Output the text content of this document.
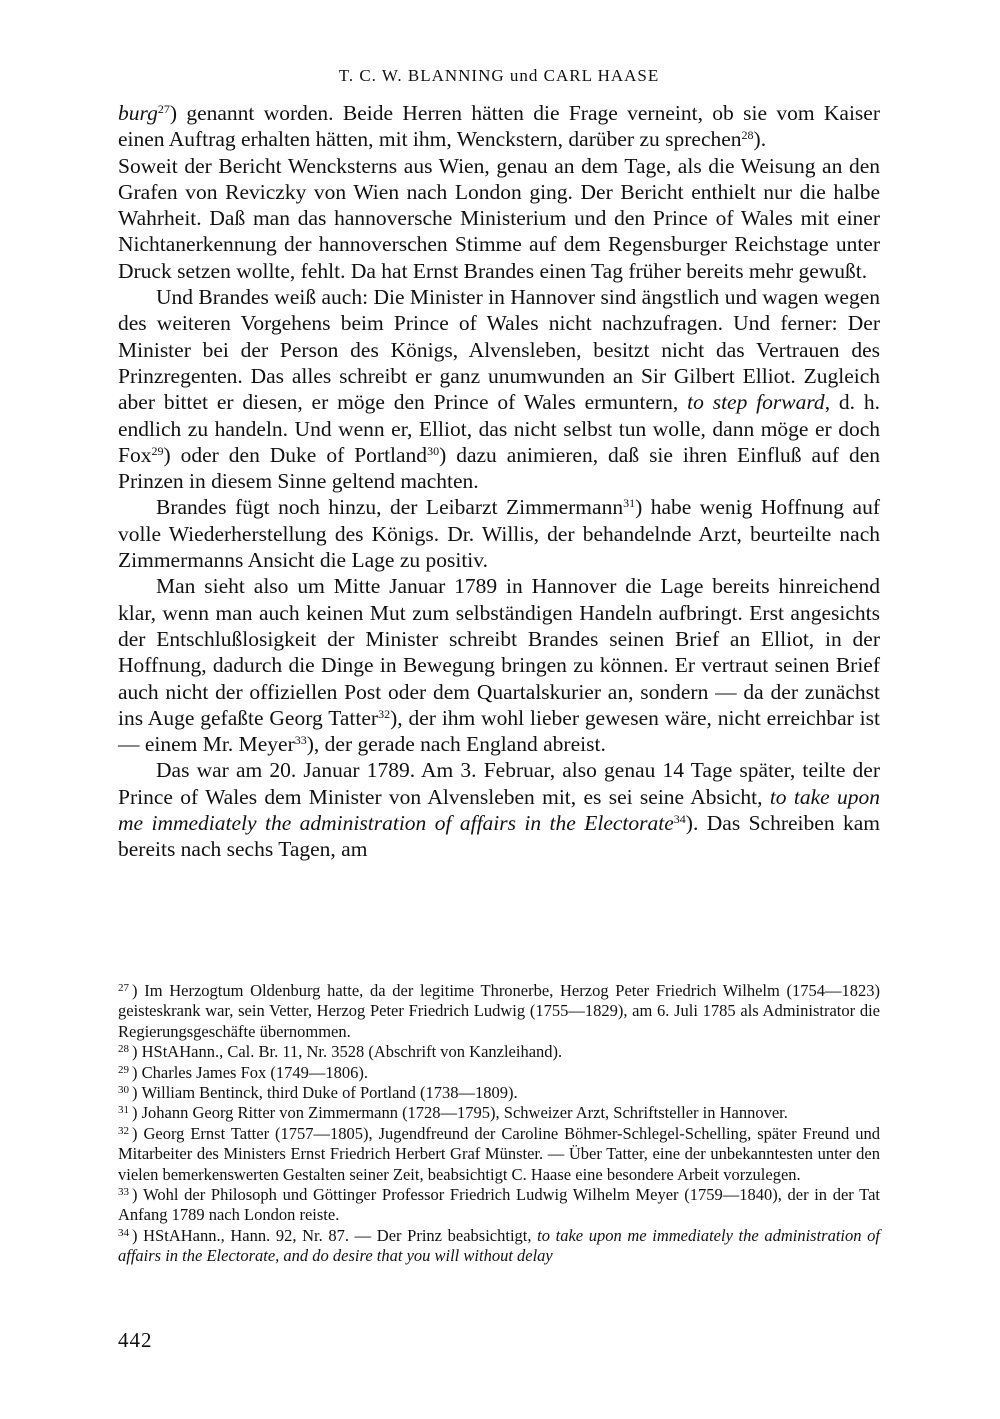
T. C. W. BLANNING und CARL HAASE

burg$^{27}$) genannt worden. Beide Herren hätten die Frage verneint, ob sie vom Kaiser einen Auftrag erhalten hätten, mit ihm, Wenckstern, darüber zu sprechen$^{28}$).

Soweit der Bericht Wencksterns aus Wien, genau an dem Tage, als die Weisung an den Grafen von Reviczky von Wien nach London ging. Der Bericht enthielt nur die halbe Wahrheit. Daß man das hannoversche Ministerium und den Prince of Wales mit einer Nichtanerkennung der hannoverschen Stimme auf dem Regensburger Reichstage unter Druck setzen wollte, fehlt. Da hat Ernst Brandes einen Tag früher bereits mehr gewußt.

Und Brandes weiß auch: Die Minister in Hannover sind ängstlich und wagen wegen des weiteren Vorgehens beim Prince of Wales nicht nachzufragen. Und ferner: Der Minister bei der Person des Königs, Alvensleben, besitzt nicht das Vertrauen des Prinzregenten. Das alles schreibt er ganz unumwunden an Sir Gilbert Elliot. Zugleich aber bittet er diesen, er möge den Prince of Wales ermuntern, to step forward, d. h. endlich zu handeln. Und wenn er, Elliot, das nicht selbst tun wolle, dann möge er doch Fox$^{29}$) oder den Duke of Portland$^{30}$) dazu animieren, daß sie ihren Einfluß auf den Prinzen in diesem Sinne geltend machten.

Brandes fügt noch hinzu, der Leibarzt Zimmermann$^{31}$) habe wenig Hoffnung auf volle Wiederherstellung des Königs. Dr. Willis, der behandelnde Arzt, beurteilte nach Zimmermanns Ansicht die Lage zu positiv.

Man sieht also um Mitte Januar 1789 in Hannover die Lage bereits hinreichend klar, wenn man auch keinen Mut zum selbständigen Handeln aufbringt. Erst angesichts der Entschlußlosigkeit der Minister schreibt Brandes seinen Brief an Elliot, in der Hoffnung, dadurch die Dinge in Bewegung bringen zu können. Er vertraut seinen Brief auch nicht der offiziellen Post oder dem Quartalskurier an, sondern — da der zunächst ins Auge gefaßte Georg Tatter$^{32}$), der ihm wohl lieber gewesen wäre, nicht erreichbar ist — einem Mr. Meyer$^{33}$), der gerade nach England abreist.

Das war am 20. Januar 1789. Am 3. Februar, also genau 14 Tage später, teilte der Prince of Wales dem Minister von Alvensleben mit, es sei seine Absicht, to take upon me immediately the administration of affairs in the Electorate$^{34}$). Das Schreiben kam bereits nach sechs Tagen, am

$^{27}$ ) Im Herzogtum Oldenburg hatte, da der legitime Thronerbe, Herzog Peter Friedrich Wilhelm (1754—1823) geisteskrank war, sein Vetter, Herzog Peter Friedrich Ludwig (1755—1829), am 6. Juli 1785 als Administrator die Regierungsgeschäfte übernommen.

$^{28}$ ) HStAHann., Cal. Br. 11, Nr. 3528 (Abschrift von Kanzleihand).

$^{29}$ ) Charles James Fox (1749—1806).

$^{30}$ ) William Bentinck, third Duke of Portland (1738—1809).

$^{31}$ ) Johann Georg Ritter von Zimmermann (1728—1795), Schweizer Arzt, Schriftsteller in Hannover.

$^{32}$ ) Georg Ernst Tatter (1757—1805), Jugendfreund der Caroline Böhmer-Schlegel-Schelling, später Freund und Mitarbeiter des Ministers Ernst Friedrich Herbert Graf Münster. — Über Tatter, eine der unbekanntesten unter den vielen bemerkenswerten Gestalten seiner Zeit, beabsichtigt C. Haase eine besondere Arbeit vorzulegen.

$^{33}$ ) Wohl der Philosoph und Göttinger Professor Friedrich Ludwig Wilhelm Meyer (1759—1840), der in der Tat Anfang 1789 nach London reiste.

$^{34}$ ) HStAHann., Hann. 92, Nr. 87. — Der Prinz beabsichtigt, to take upon me immediately the administration of affairs in the Electorate, and do desire that you will without delay

442
